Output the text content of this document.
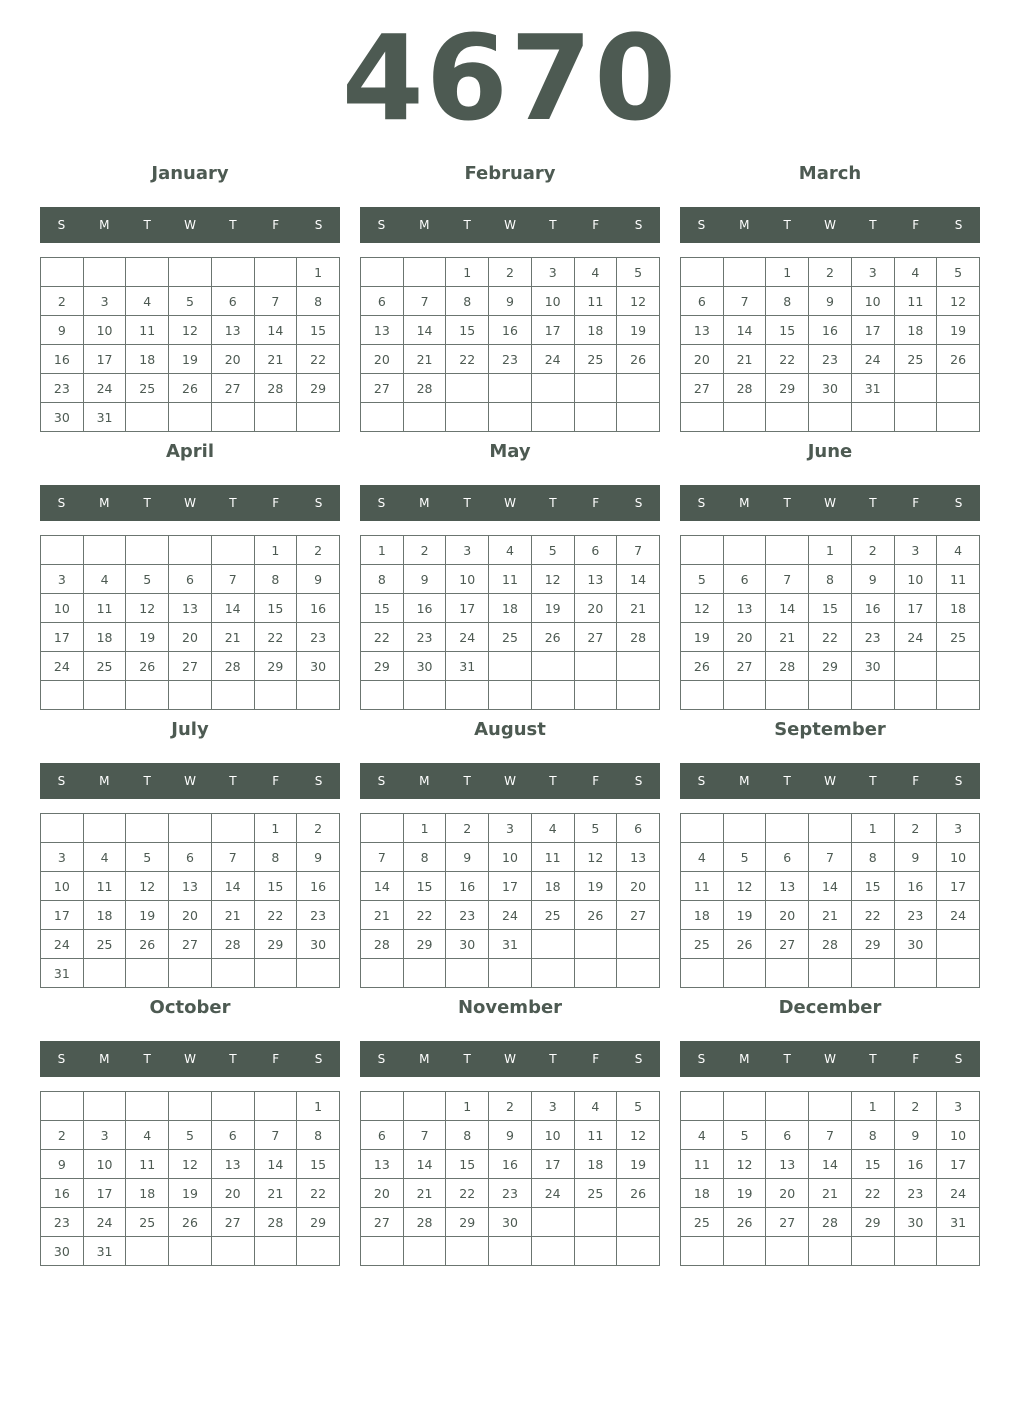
4670
January
S	M	T	W	T	F	S
						1
2	3	4	5	6	7	8
9	10	11	12	13	14	15
16	17	18	19	20	21	22
23	24	25	26	27	28	29
30	31					
February
S	M	T	W	T	F	S
		1	2	3	4	5
6	7	8	9	10	11	12
13	14	15	16	17	18	19
20	21	22	23	24	25	26
27	28					

March
S	M	T	W	T	F	S
		1	2	3	4	5
6	7	8	9	10	11	12
13	14	15	16	17	18	19
20	21	22	23	24	25	26
27	28	29	30	31		

April
S	M	T	W	T	F	S
					1	2
3	4	5	6	7	8	9
10	11	12	13	14	15	16
17	18	19	20	21	22	23
24	25	26	27	28	29	30

May
S	M	T	W	T	F	S
1	2	3	4	5	6	7
8	9	10	11	12	13	14
15	16	17	18	19	20	21
22	23	24	25	26	27	28
29	30	31				

June
S	M	T	W	T	F	S
			1	2	3	4
5	6	7	8	9	10	11
12	13	14	15	16	17	18
19	20	21	22	23	24	25
26	27	28	29	30		

July
S	M	T	W	T	F	S
					1	2
3	4	5	6	7	8	9
10	11	12	13	14	15	16
17	18	19	20	21	22	23
24	25	26	27	28	29	30
31						
August
S	M	T	W	T	F	S
	1	2	3	4	5	6
7	8	9	10	11	12	13
14	15	16	17	18	19	20
21	22	23	24	25	26	27
28	29	30	31			

September
S	M	T	W	T	F	S
				1	2	3
4	5	6	7	8	9	10
11	12	13	14	15	16	17
18	19	20	21	22	23	24
25	26	27	28	29	30	

October
S	M	T	W	T	F	S
						1
2	3	4	5	6	7	8
9	10	11	12	13	14	15
16	17	18	19	20	21	22
23	24	25	26	27	28	29
30	31					
November
S	M	T	W	T	F	S
		1	2	3	4	5
6	7	8	9	10	11	12
13	14	15	16	17	18	19
20	21	22	23	24	25	26
27	28	29	30			

December
S	M	T	W	T	F	S
				1	2	3
4	5	6	7	8	9	10
11	12	13	14	15	16	17
18	19	20	21	22	23	24
25	26	27	28	29	30	31
